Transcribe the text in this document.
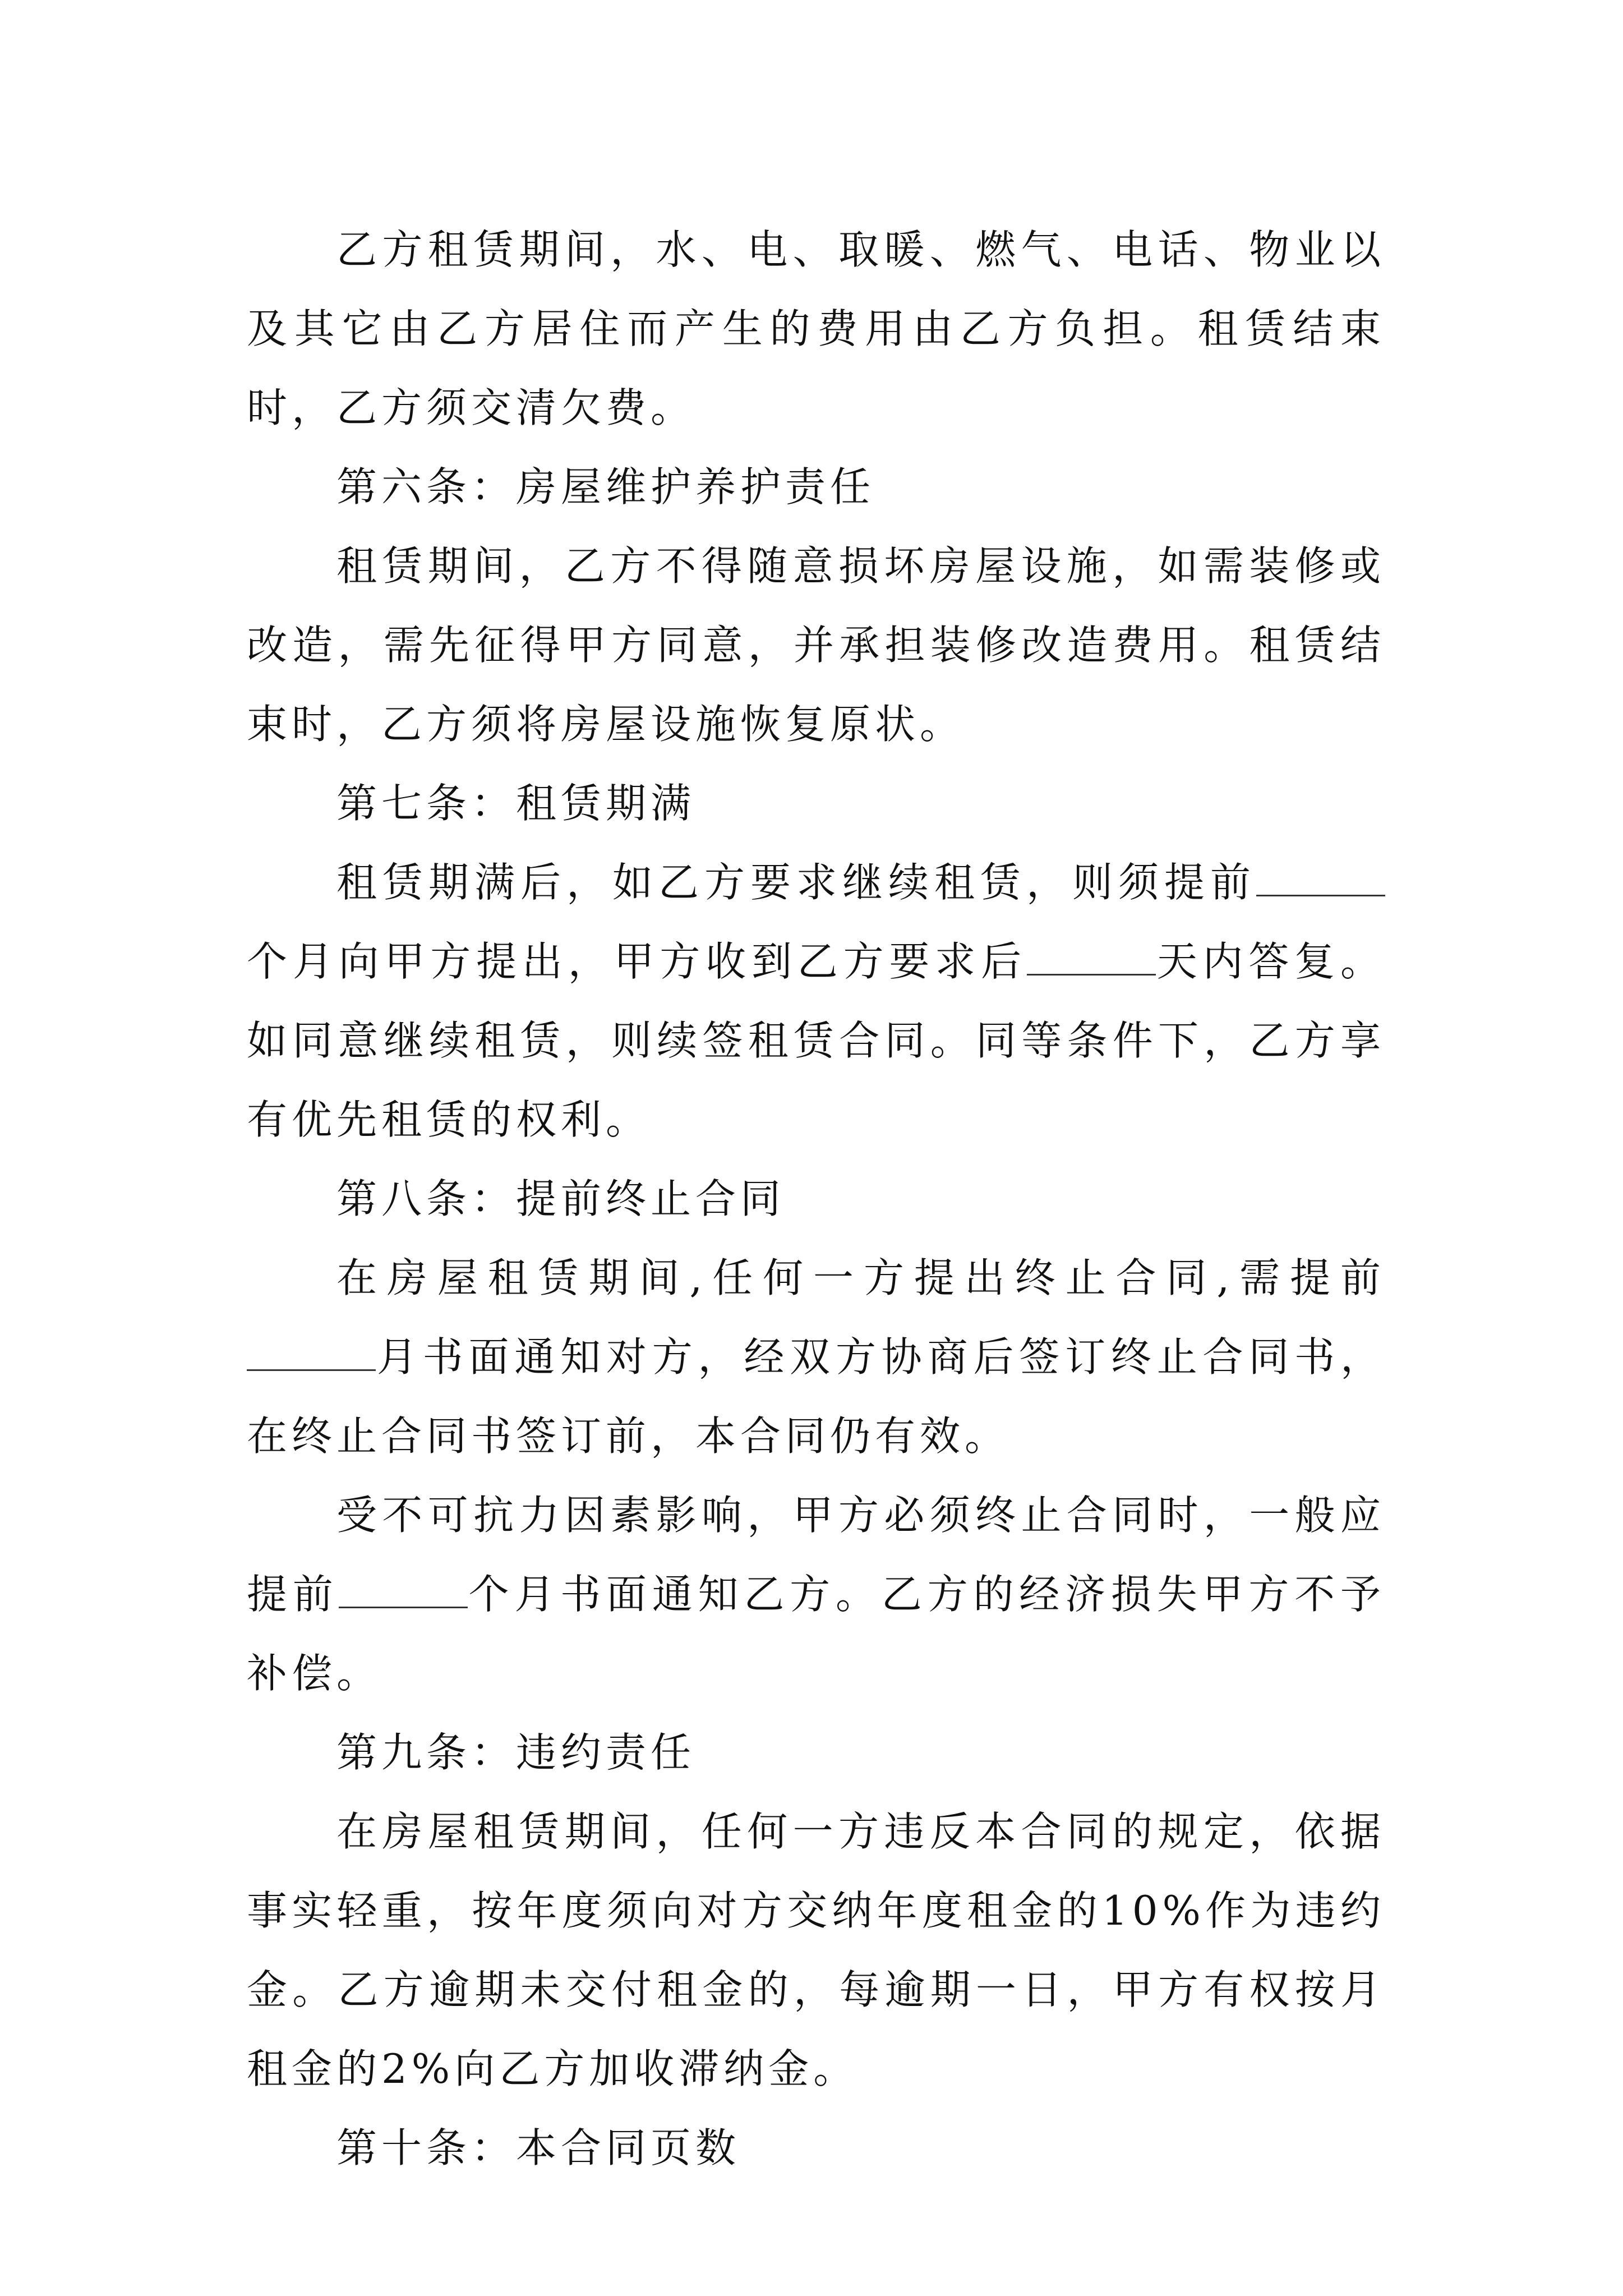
乙方租赁期间，水、电、取暖、燃气、电话、物业以及其它由乙方居住而产生的费用由乙方负担。租赁结束时，乙方须交清欠费。

第六条：房屋维护养护责任

租赁期间，乙方不得随意损坏房屋设施，如需装修或改造，需先征得甲方同意，并承担装修改造费用。租赁结束时，乙方须将房屋设施恢复原状。

第七条：租赁期满

租赁期满后，如乙方要求继续租赁，则须提前个月向甲方提出，甲方收到乙方要求后	天内答复。如同意继续租赁，则续签租赁合同。同等条件下，乙方享有优先租赁的权利。

第八条：提前终止合同

在房屋租赁期间,任何一方提出终止合同,需提前月书面通知对方，经双方协商后签订终止合同书，在终止合同书签订前，本合同仍有效。

受不可抗力因素影响，甲方必须终止合同时，一般应提前	个月书面通知乙方。乙方的经济损失甲方不予补偿。

第九条：违约责任

在房屋租赁期间，任何一方违反本合同的规定，依据事实轻重，按年度须向对方交纳年度租金的10%作为违约金。乙方逾期未交付租金的，每逾期一日，甲方有权按月租金的2%向乙方加收滞纳金。

第十条：本合同页数
